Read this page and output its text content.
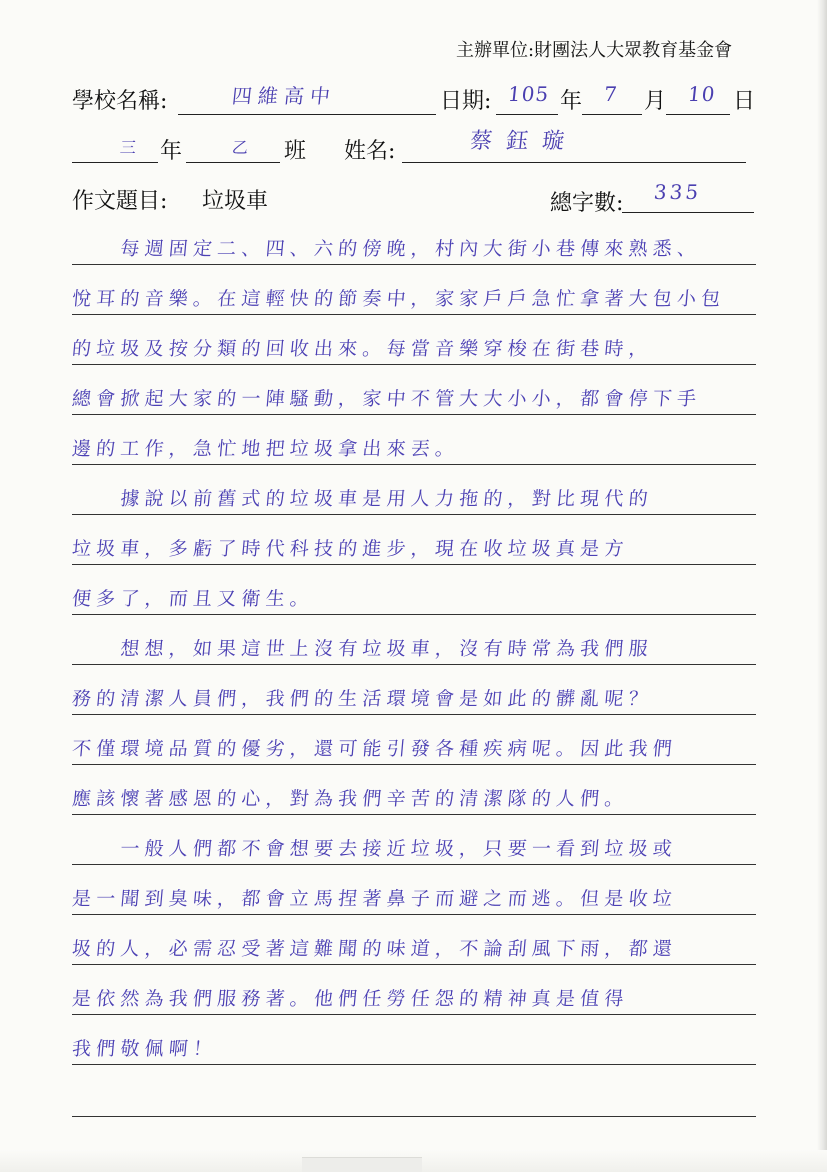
主辦單位:財團法人大眾教育基金會
學校名稱:	四維高中	日期: 105 年 7 月 10 日
三 年	乙 班 姓名:	蔡鈺璇
作文題目: 垃圾車	總字數: 335
　　每週固定二、四、六的傍晚，村內大街小巷傳來熟悉、
悅耳的音樂。在這輕快的節奏中，家家戶戶急忙拿著大包小包
的垃圾及按分類的回收出來。每當音樂穿梭在街巷時，
總會掀起大家的一陣騷動，家中不管大大小小，都會停下手
邊的工作，急忙地把垃圾拿出來丟。
　　據說以前舊式的垃圾車是用人力拖的，對比現代的
垃圾車，多虧了時代科技的進步，現在收垃圾真是方
便多了，而且又衛生。
　　想想，如果這世上沒有垃圾車，沒有時常為我們服
務的清潔人員們，我們的生活環境會是如此的髒亂呢？
不僅環境品質的優劣，還可能引發各種疾病呢。因此我們
應該懷著感恩的心，對為我們辛苦的清潔隊的人們。
　　一般人們都不會想要去接近垃圾，只要一看到垃圾或
是一聞到臭味，都會立馬捏著鼻子而避之而逃。但是收垃
圾的人，必需忍受著這難聞的味道，不論刮風下雨，都還
是依然為我們服務著。他們任勞任怨的精神真是值得
我們敬佩啊！
